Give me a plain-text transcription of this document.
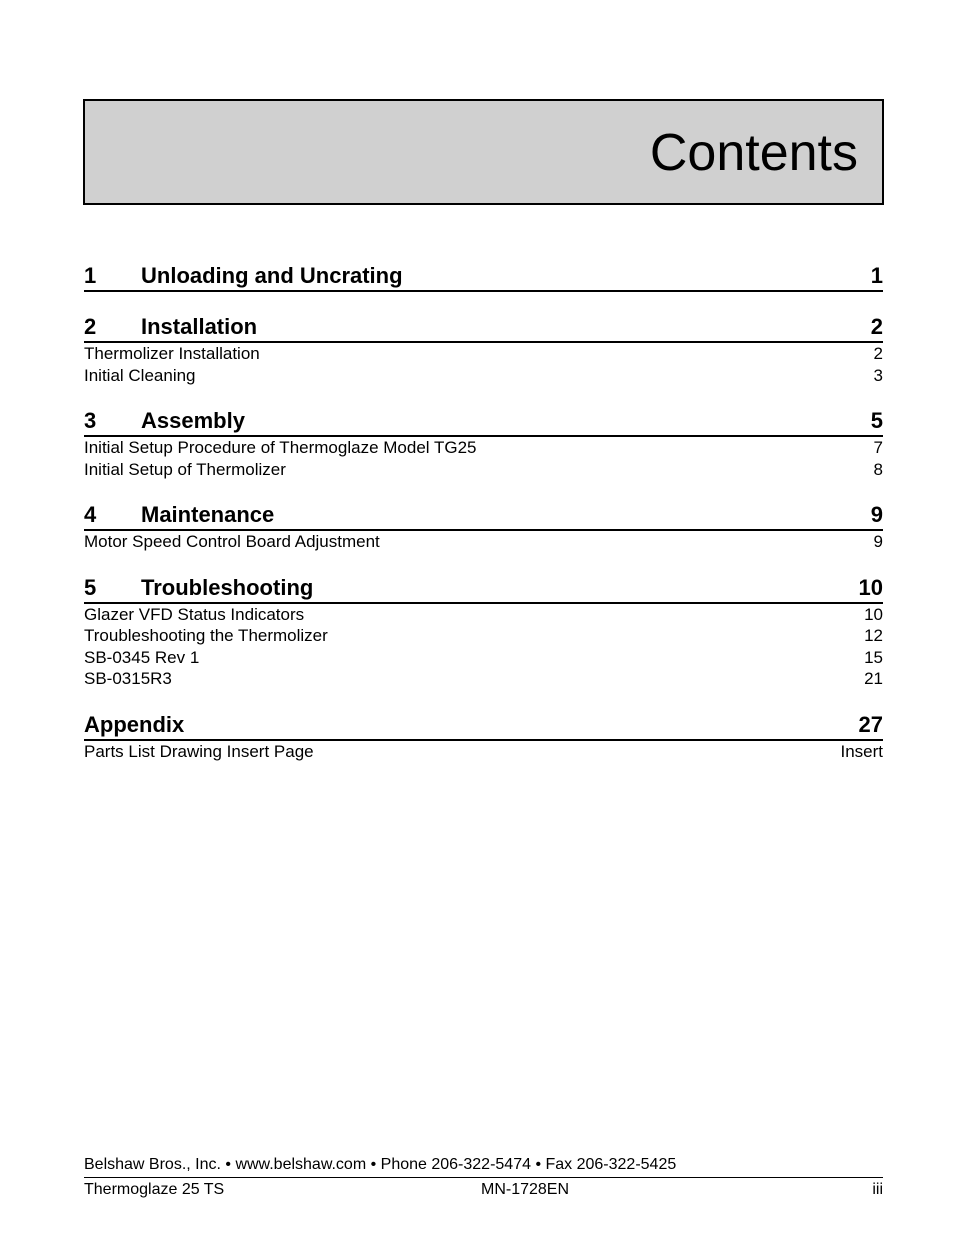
Contents
1	Unloading and Uncrating	1
2	Installation	2
Thermolizer Installation	2
Initial Cleaning	3
3	Assembly	5
Initial Setup Procedure of Thermoglaze Model TG25	7
Initial Setup of Thermolizer	8
4	Maintenance	9
Motor Speed Control Board Adjustment	9
5	Troubleshooting	10
Glazer VFD Status Indicators	10
Troubleshooting the Thermolizer	12
SB-0345 Rev 1	15
SB-0315R3	21
Appendix	27
Parts List Drawing Insert Page	Insert
Belshaw Bros., Inc. • www.belshaw.com • Phone 206-322-5474 • Fax 206-322-5425
Thermoglaze 25 TS	MN-1728EN	iii
